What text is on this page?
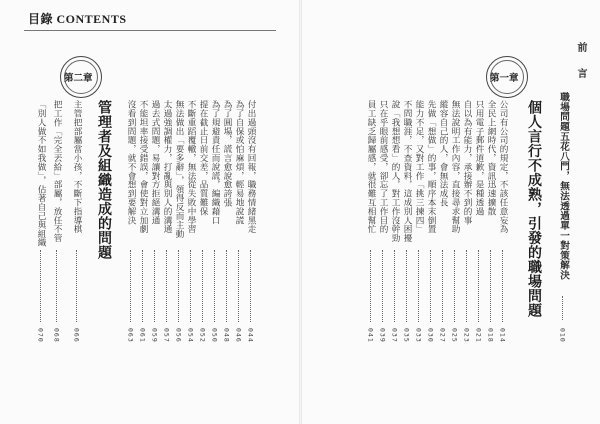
目錄 CONTENTS
前　言
職場問題五花八門，無法透過單一對策解決
010
第一章
個人言行不成熟，引發的職場問題
公司有公司的規定，不該任意妄為
014
全民上網時代，資訊迅速擴散
018
只用電子郵件道歉，是種透過
021
自以為有能力，承接辦不到的事
023
無法說明工作內容，直接尋求幫助
025
縱容自己的人，會無法成長
027
先做「想做」的事，順序本末倒置
030
能力不足，又對工作「挑三揀四」
033
不問職涯，不查資料，這成別人困擾
035
說「我想想看」的人，對工作沒幹勁
037
只在乎眼前感受，卻忘了工作目的
039
員工缺乏歸屬感，就很難互相幫忙
041
第二章
管理者及組織造成的問題	付出過頭沒有回報，職務情緒黑走
044
為了自保或怕麻煩，輕易地說謊
046
為了圓場，謊言愈說愈誇張
048
為了規避責任而說謊，編織藉口
050
提在截止日前交差，品質難保
052
不斷重蹈覆轍，無法從失敗中學習
054
無法做出「要多辭」，領得反而主動
056
太過強調權力，打亂與別人的溝通
057
過去式問題，易讓對方拒絕溝通
059
不能坦率接受錯誤，會使對立加劇
061
沒看到問題，就不會想到要解決
063
主管把部屬當小孩，不斷下指導棋
066
把工作「完全丟給」部屬，放任不管
068
「別人做不如我做」，佔著自己與組織
070
